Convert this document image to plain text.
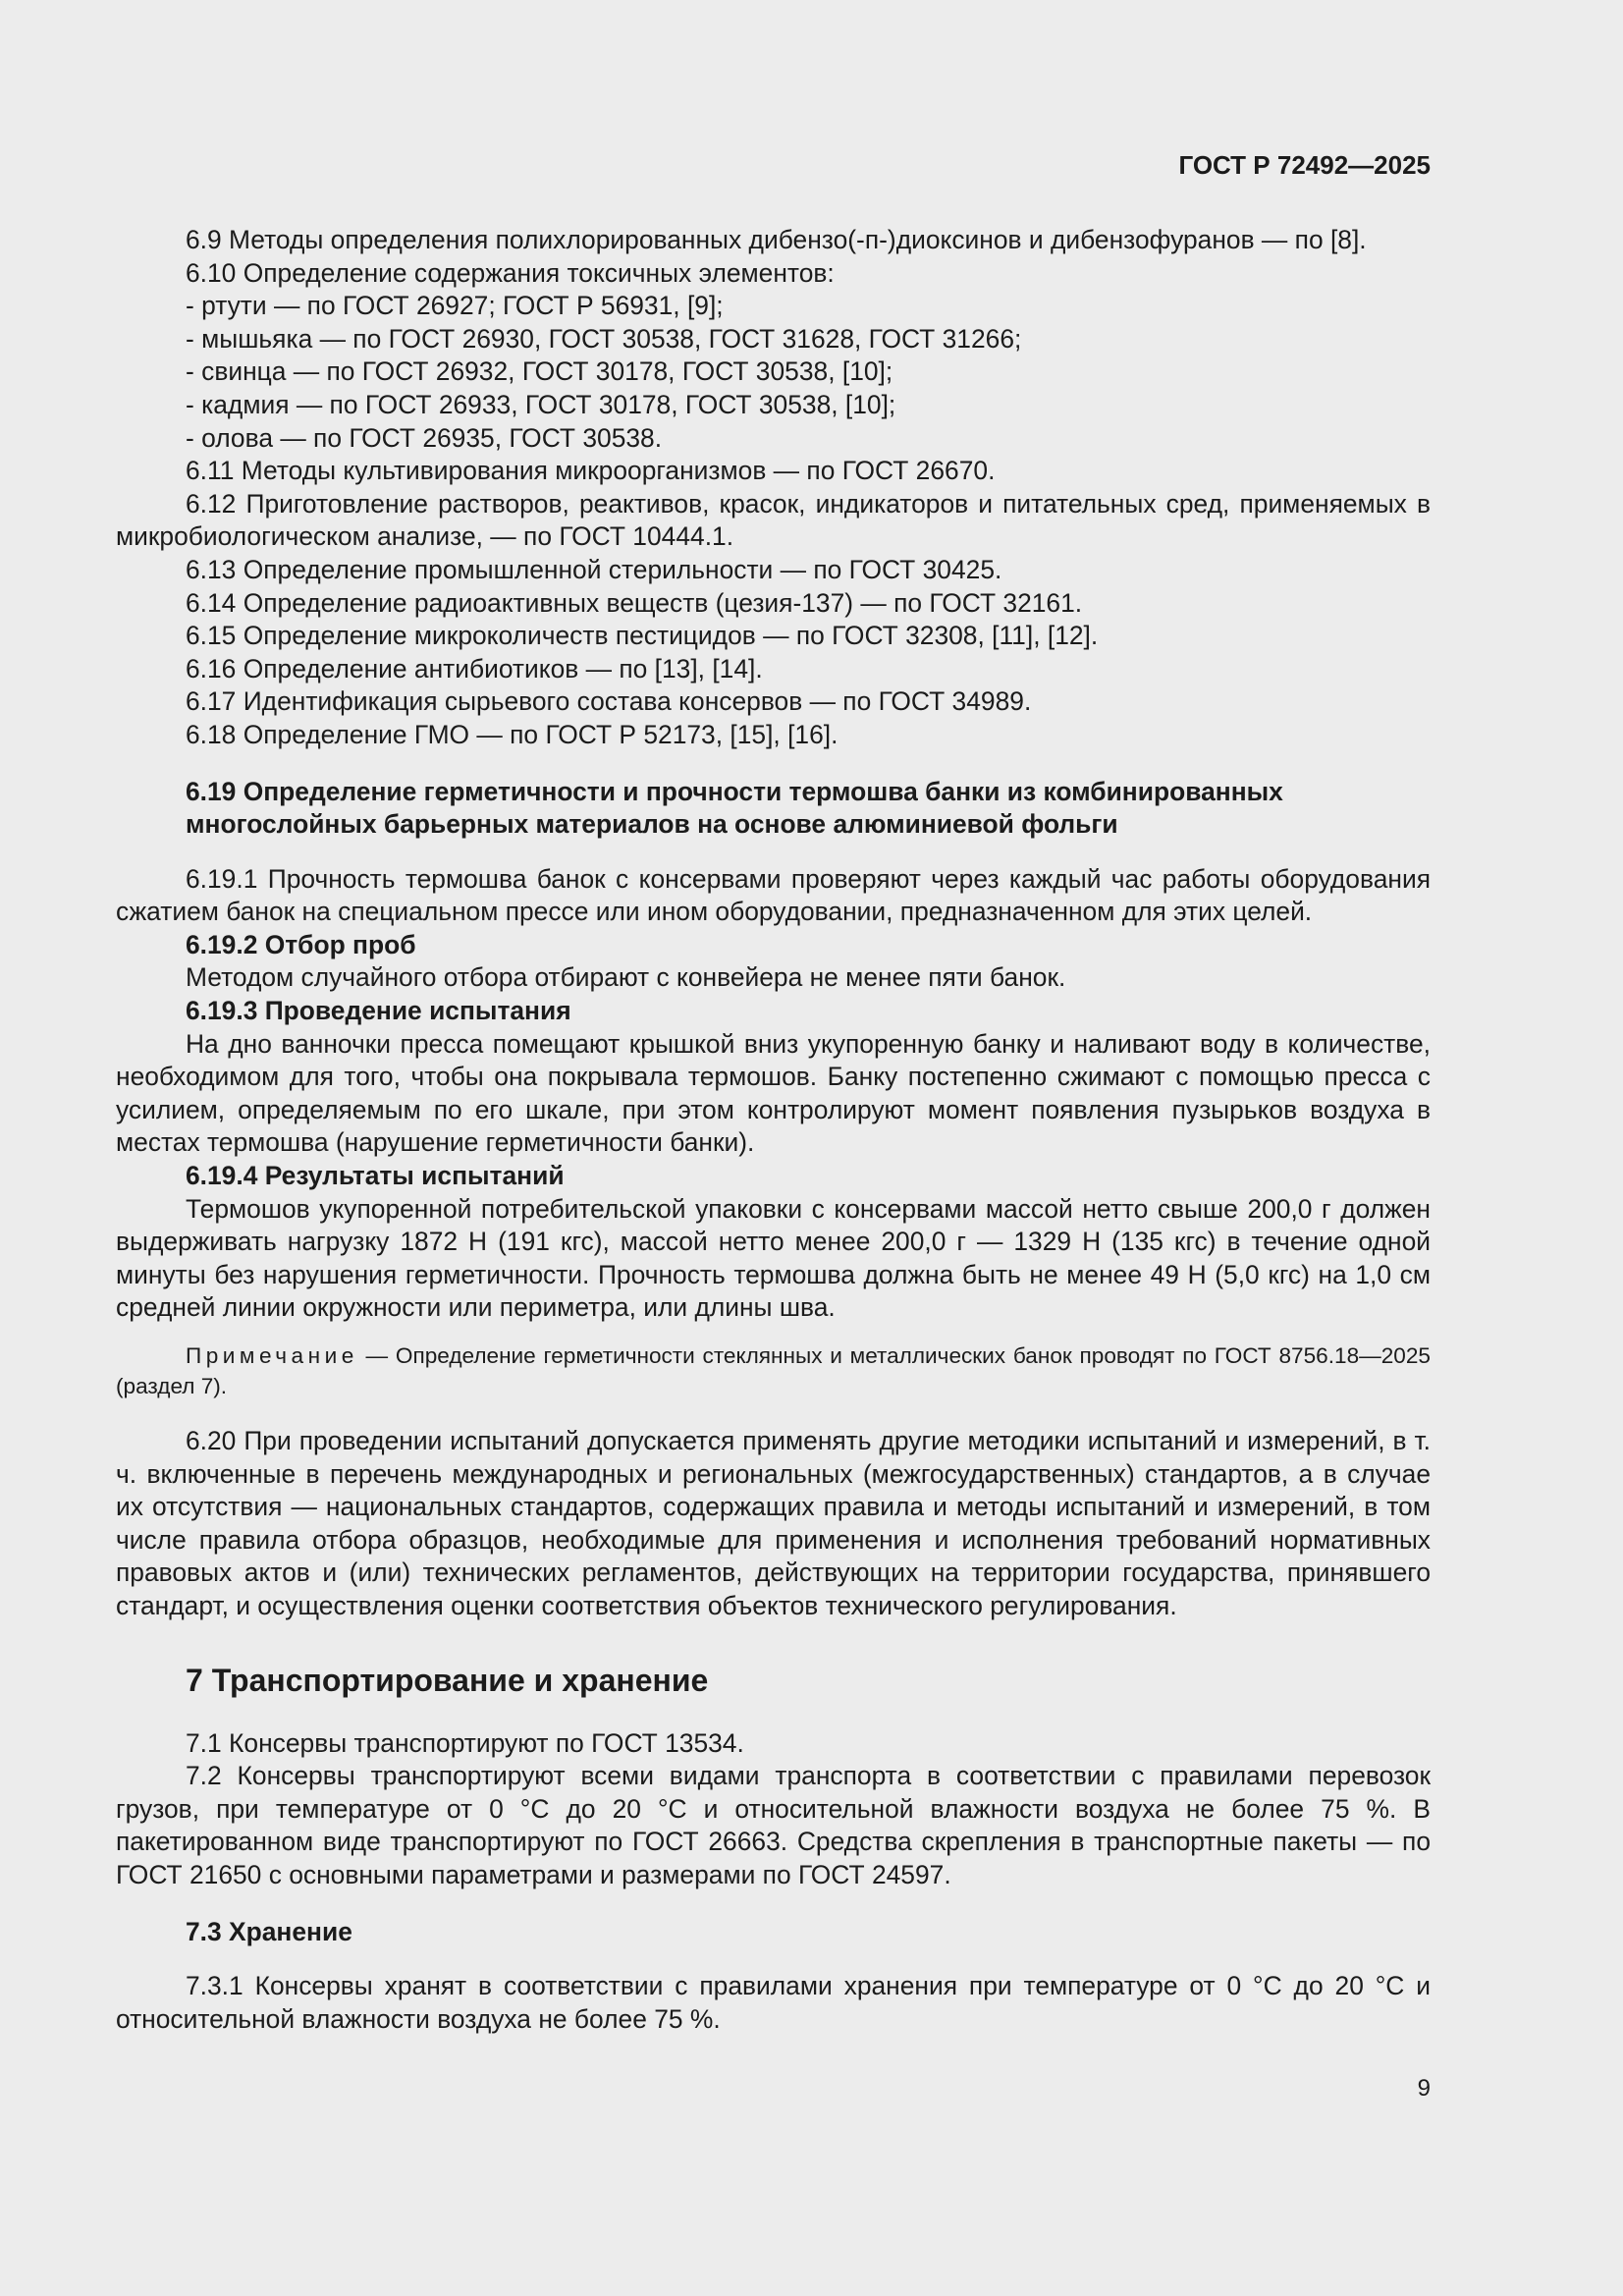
ГОСТ Р 72492—2025

6.9 Методы определения полихлорированных дибензо(-п-)диоксинов и дибензофуранов — по [8].

6.10 Определение содержания токсичных элементов:

- ртути — по ГОСТ 26927; ГОСТ Р 56931, [9];

- мышьяка — по ГОСТ 26930, ГОСТ 30538, ГОСТ 31628, ГОСТ 31266;

- свинца — по ГОСТ 26932, ГОСТ 30178, ГОСТ 30538, [10];

- кадмия — по ГОСТ 26933, ГОСТ 30178, ГОСТ 30538, [10];

- олова — по ГОСТ 26935, ГОСТ 30538.

6.11 Методы культивирования микроорганизмов — по ГОСТ 26670.

6.12 Приготовление растворов, реактивов, красок, индикаторов и питательных сред, применяемых в микробиологическом анализе, — по ГОСТ 10444.1.

6.13 Определение промышленной стерильности — по ГОСТ 30425.

6.14 Определение радиоактивных веществ (цезия-137) — по ГОСТ 32161.

6.15 Определение микроколичеств пестицидов — по ГОСТ 32308, [11], [12].

6.16 Определение антибиотиков — по [13], [14].

6.17 Идентификация сырьевого состава консервов — по ГОСТ 34989.

6.18 Определение ГМО — по ГОСТ Р 52173, [15], [16].

6.19 Определение герметичности и прочности термошва банки из комбинированных многослойных барьерных материалов на основе алюминиевой фольги

6.19.1 Прочность термошва банок с консервами проверяют через каждый час работы оборудования сжатием банок на специальном прессе или ином оборудовании, предназначенном для этих целей.

6.19.2 Отбор проб

Методом случайного отбора отбирают с конвейера не менее пяти банок.

6.19.3 Проведение испытания

На дно ванночки пресса помещают крышкой вниз укупоренную банку и наливают воду в количестве, необходимом для того, чтобы она покрывала термошов. Банку постепенно сжимают с помощью пресса с усилием, определяемым по его шкале, при этом контролируют момент появления пузырьков воздуха в местах термошва (нарушение герметичности банки).

6.19.4 Результаты испытаний

Термошов укупоренной потребительской упаковки с консервами массой нетто свыше 200,0 г должен выдерживать нагрузку 1872 Н (191 кгс), массой нетто менее 200,0 г — 1329 Н (135 кгс) в течение одной минуты без нарушения герметичности. Прочность термошва должна быть не менее 49 Н (5,0 кгс) на 1,0 см средней линии окружности или периметра, или длины шва.

Примечание — Определение герметичности стеклянных и металлических банок проводят по ГОСТ 8756.18—2025 (раздел 7).

6.20 При проведении испытаний допускается применять другие методики испытаний и измерений, в т. ч. включенные в перечень международных и региональных (межгосударственных) стандартов, а в случае их отсутствия — национальных стандартов, содержащих правила и методы испытаний и измерений, в том числе правила отбора образцов, необходимые для применения и исполнения требований нормативных правовых актов и (или) технических регламентов, действующих на территории государства, принявшего стандарт, и осуществления оценки соответствия объектов технического регулирования.

7 Транспортирование и хранение

7.1 Консервы транспортируют по ГОСТ 13534.

7.2 Консервы транспортируют всеми видами транспорта в соответствии с правилами перевозок грузов, при температуре от 0 °С до 20 °С и относительной влажности воздуха не более 75 %. В пакетированном виде транспортируют по ГОСТ 26663. Средства скрепления в транспортные пакеты — по ГОСТ 21650 с основными параметрами и размерами по ГОСТ 24597.

7.3 Хранение

7.3.1 Консервы хранят в соответствии с правилами хранения при температуре от 0 °С до 20 °С и относительной влажности воздуха не более 75 %.

9
